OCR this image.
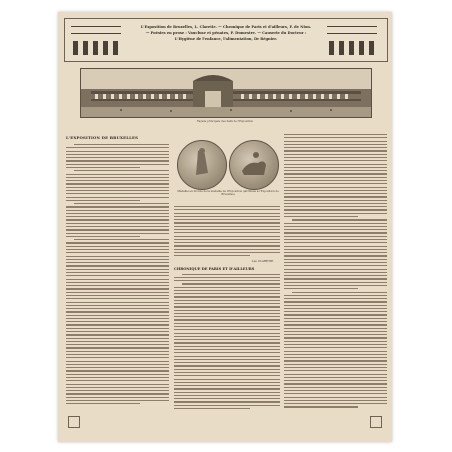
L'Exposition de Bruxelles, L. Claretie. — Chronique de Paris et d'ailleurs, F. de Nion.
— Poésies en prose : Vaucluse et pénates, P. Dumestre. — Causerie du Docteur :
L'Hygiène de l'enfance, l'alimentation, Dr Régnier.
Façade principale des halls de l'Exposition
L'EXPOSITION DE BRUXELLES
Médaille en bronze de la médaille de l'Exposition (attribuée à l'Exposition de Bruxelles)
Léo CLARETIE.
CHRONIQUE DE PARIS ET D'AILLEURS
